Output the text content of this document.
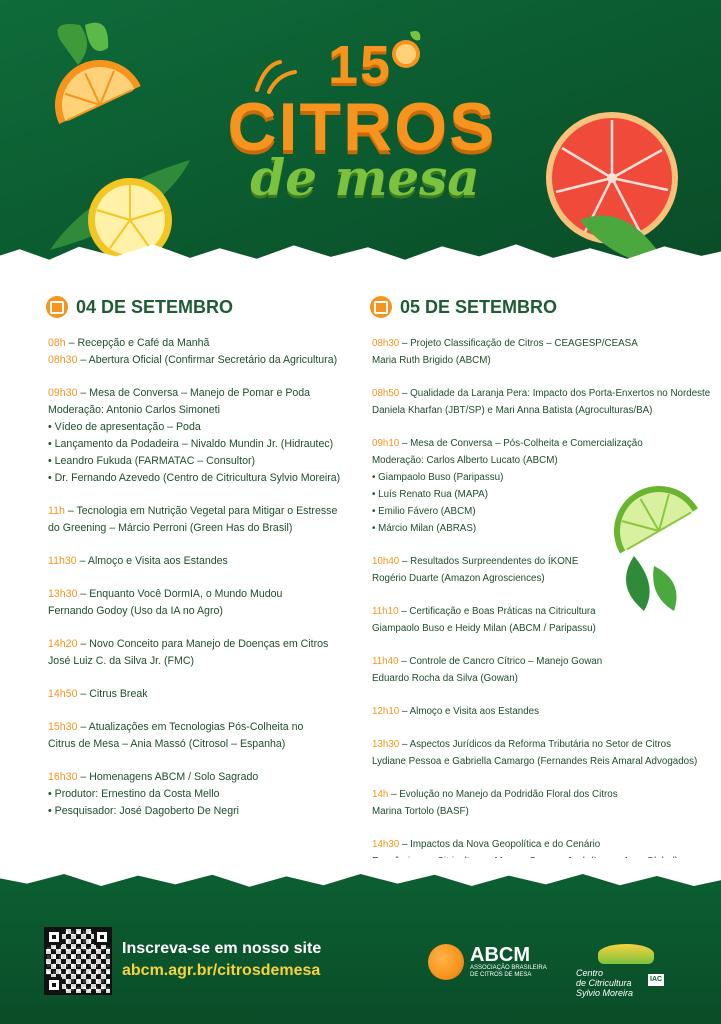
15
CITROS
de mesa
04 DE SETEMBRO	05 DE SETEMBRO
08h – Recepção e Café da Manhã
08h30 – Abertura Oficial (Confirmar Secretário da Agricultura)
09h30 – Mesa de Conversa – Manejo de Pomar e Poda
Moderação: Antonio Carlos Simoneti
• Vídeo de apresentação – Poda
• Lançamento da Podadeira – Nivaldo Mundin Jr. (Hidrautec)
• Leandro Fukuda (FARMATAC – Consultor)
• Dr. Fernando Azevedo (Centro de Citricultura Sylvio Moreira)
11h – Tecnologia em Nutrição Vegetal para Mitigar o Estresse
do Greening – Márcio Perroni (Green Has do Brasil)
11h30 – Almoço e Visita aos Estandes
13h30 – Enquanto Você DormIA, o Mundo Mudou
Fernando Godoy (Uso da IA no Agro)
14h20 – Novo Conceito para Manejo de Doenças em Citros
José Luiz C. da Silva Jr. (FMC)
14h50 – Citrus Break
15h30 – Atualizações em Tecnologias Pós-Colheita no
Citrus de Mesa – Ania Massó (Citrosol – Espanha)
16h30 – Homenagens ABCM / Solo Sagrado
• Produtor: Ernestino da Costa Mello
• Pesquisador: José Dagoberto De Negri
08h30 – Projeto Classificação de Citros – CEAGESP/CEASA
Maria Ruth Brigido (ABCM)
08h50 – Qualidade da Laranja Pera: Impacto dos Porta-Enxertos no Nordeste
Daniela Kharfan (JBT/SP) e Mari Anna Batista (Agroculturas/BA)
09h10 – Mesa de Conversa – Pós-Colheita e Comercialização
Moderação: Carlos Alberto Lucato (ABCM)
• Giampaolo Buso (Paripassu)
• Luís Renato Rua (MAPA)
• Emilio Fávero (ABCM)
• Márcio Milan (ABRAS)
10h40 – Resultados Surpreendentes do ÍKONE
Rogério Duarte (Amazon Agrosciences)
11h10 – Certificação e Boas Práticas na Citricultura
Giampaolo Buso e Heidy Milan (ABCM / Paripassu)
11h40 – Controle de Cancro Cítrico – Manejo Gowan
Eduardo Rocha da Silva (Gowan)
12h10 – Almoço e Visita aos Estandes
13h30 – Aspectos Jurídicos da Reforma Tributária no Setor de Citros
Lydiane Pessoa e Gabriella Camargo (Fernandes Reis Amaral Advogados)
14h – Evolução no Manejo da Podridão Floral dos Citros
Marina Tortolo (BASF)
14h30 – Impactos da Nova Geopolítica e do Cenário
Inscreva-se em nosso site
abcm.agr.br/citrosdemesa
ABCM
ASSOCIAÇÃO BRASILEIRA
DE CITROS DE MESA	Centro
de Citricultura
Sylvio Moreira
IAC
